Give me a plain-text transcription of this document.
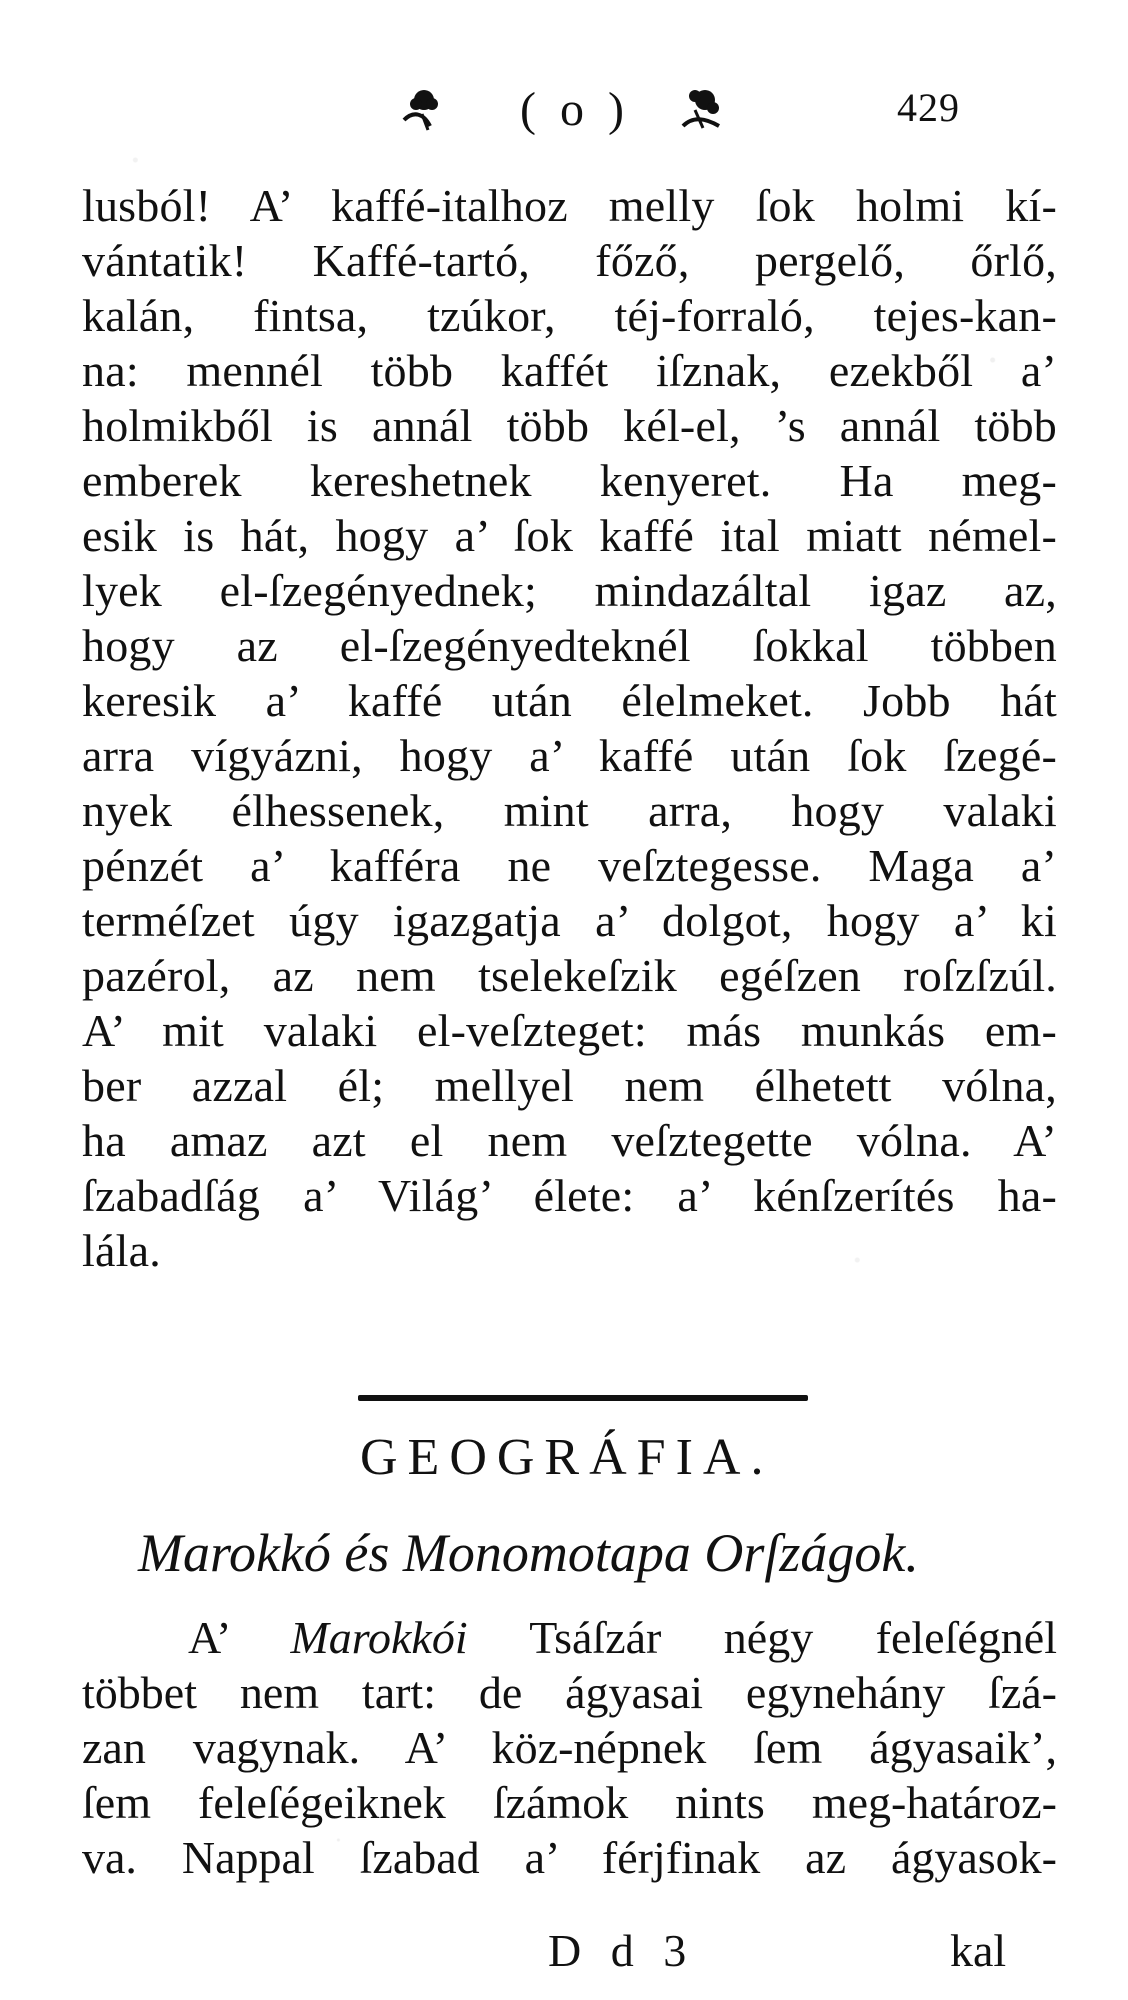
( o )	429
lusból! A’ kaffé-italhoz melly ſok holmi kí-
vántatik! Kaffé-tartó, főző, pergelő, őrlő,
kalán, fintsa, tzúkor, téj-forraló, tejes-kan-
na: mennél több kaffét iſznak, ezekből a’
holmikből is annál több kél-el, ’s annál több
emberek kereshetnek kenyeret. Ha meg-
esik is hát, hogy a’ ſok kaffé ital miatt némel-
lyek el-ſzegényednek; mindazáltal igaz az,
hogy az el-ſzegényedteknél ſokkal többen
keresik a’ kaffé után élelmeket. Jobb hát
arra vígyázni, hogy a’ kaffé után ſok ſzegé-
nyek élhessenek, mint arra, hogy valaki
pénzét a’ kafféra ne veſztegesse. Maga a’
terméſzet úgy igazgatja a’ dolgot, hogy a’ ki
pazérol, az nem tselekeſzik egéſzen roſzſzúl.
A’ mit valaki el-veſzteget: más munkás em-
ber azzal él; mellyel nem élhetett vólna,
ha amaz azt el nem veſztegette vólna. A’
ſzabadſág a’ Világ’ élete: a’ kénſzerítés ha-
lála.
GEOGRÁFIA.
Marokkó és Monomotapa Orſzágok.
A’ Marokkói Tsáſzár négy feleſégnél
többet nem tart: de ágyasai egynehány ſzá-
zan vagynak. A’ köz-népnek ſem ágyasaik’,
ſem feleſégeiknek ſzámok nints meg-határoz-
va. Nappal ſzabad a’ férjfinak az ágyasok-
D d 3	kal
